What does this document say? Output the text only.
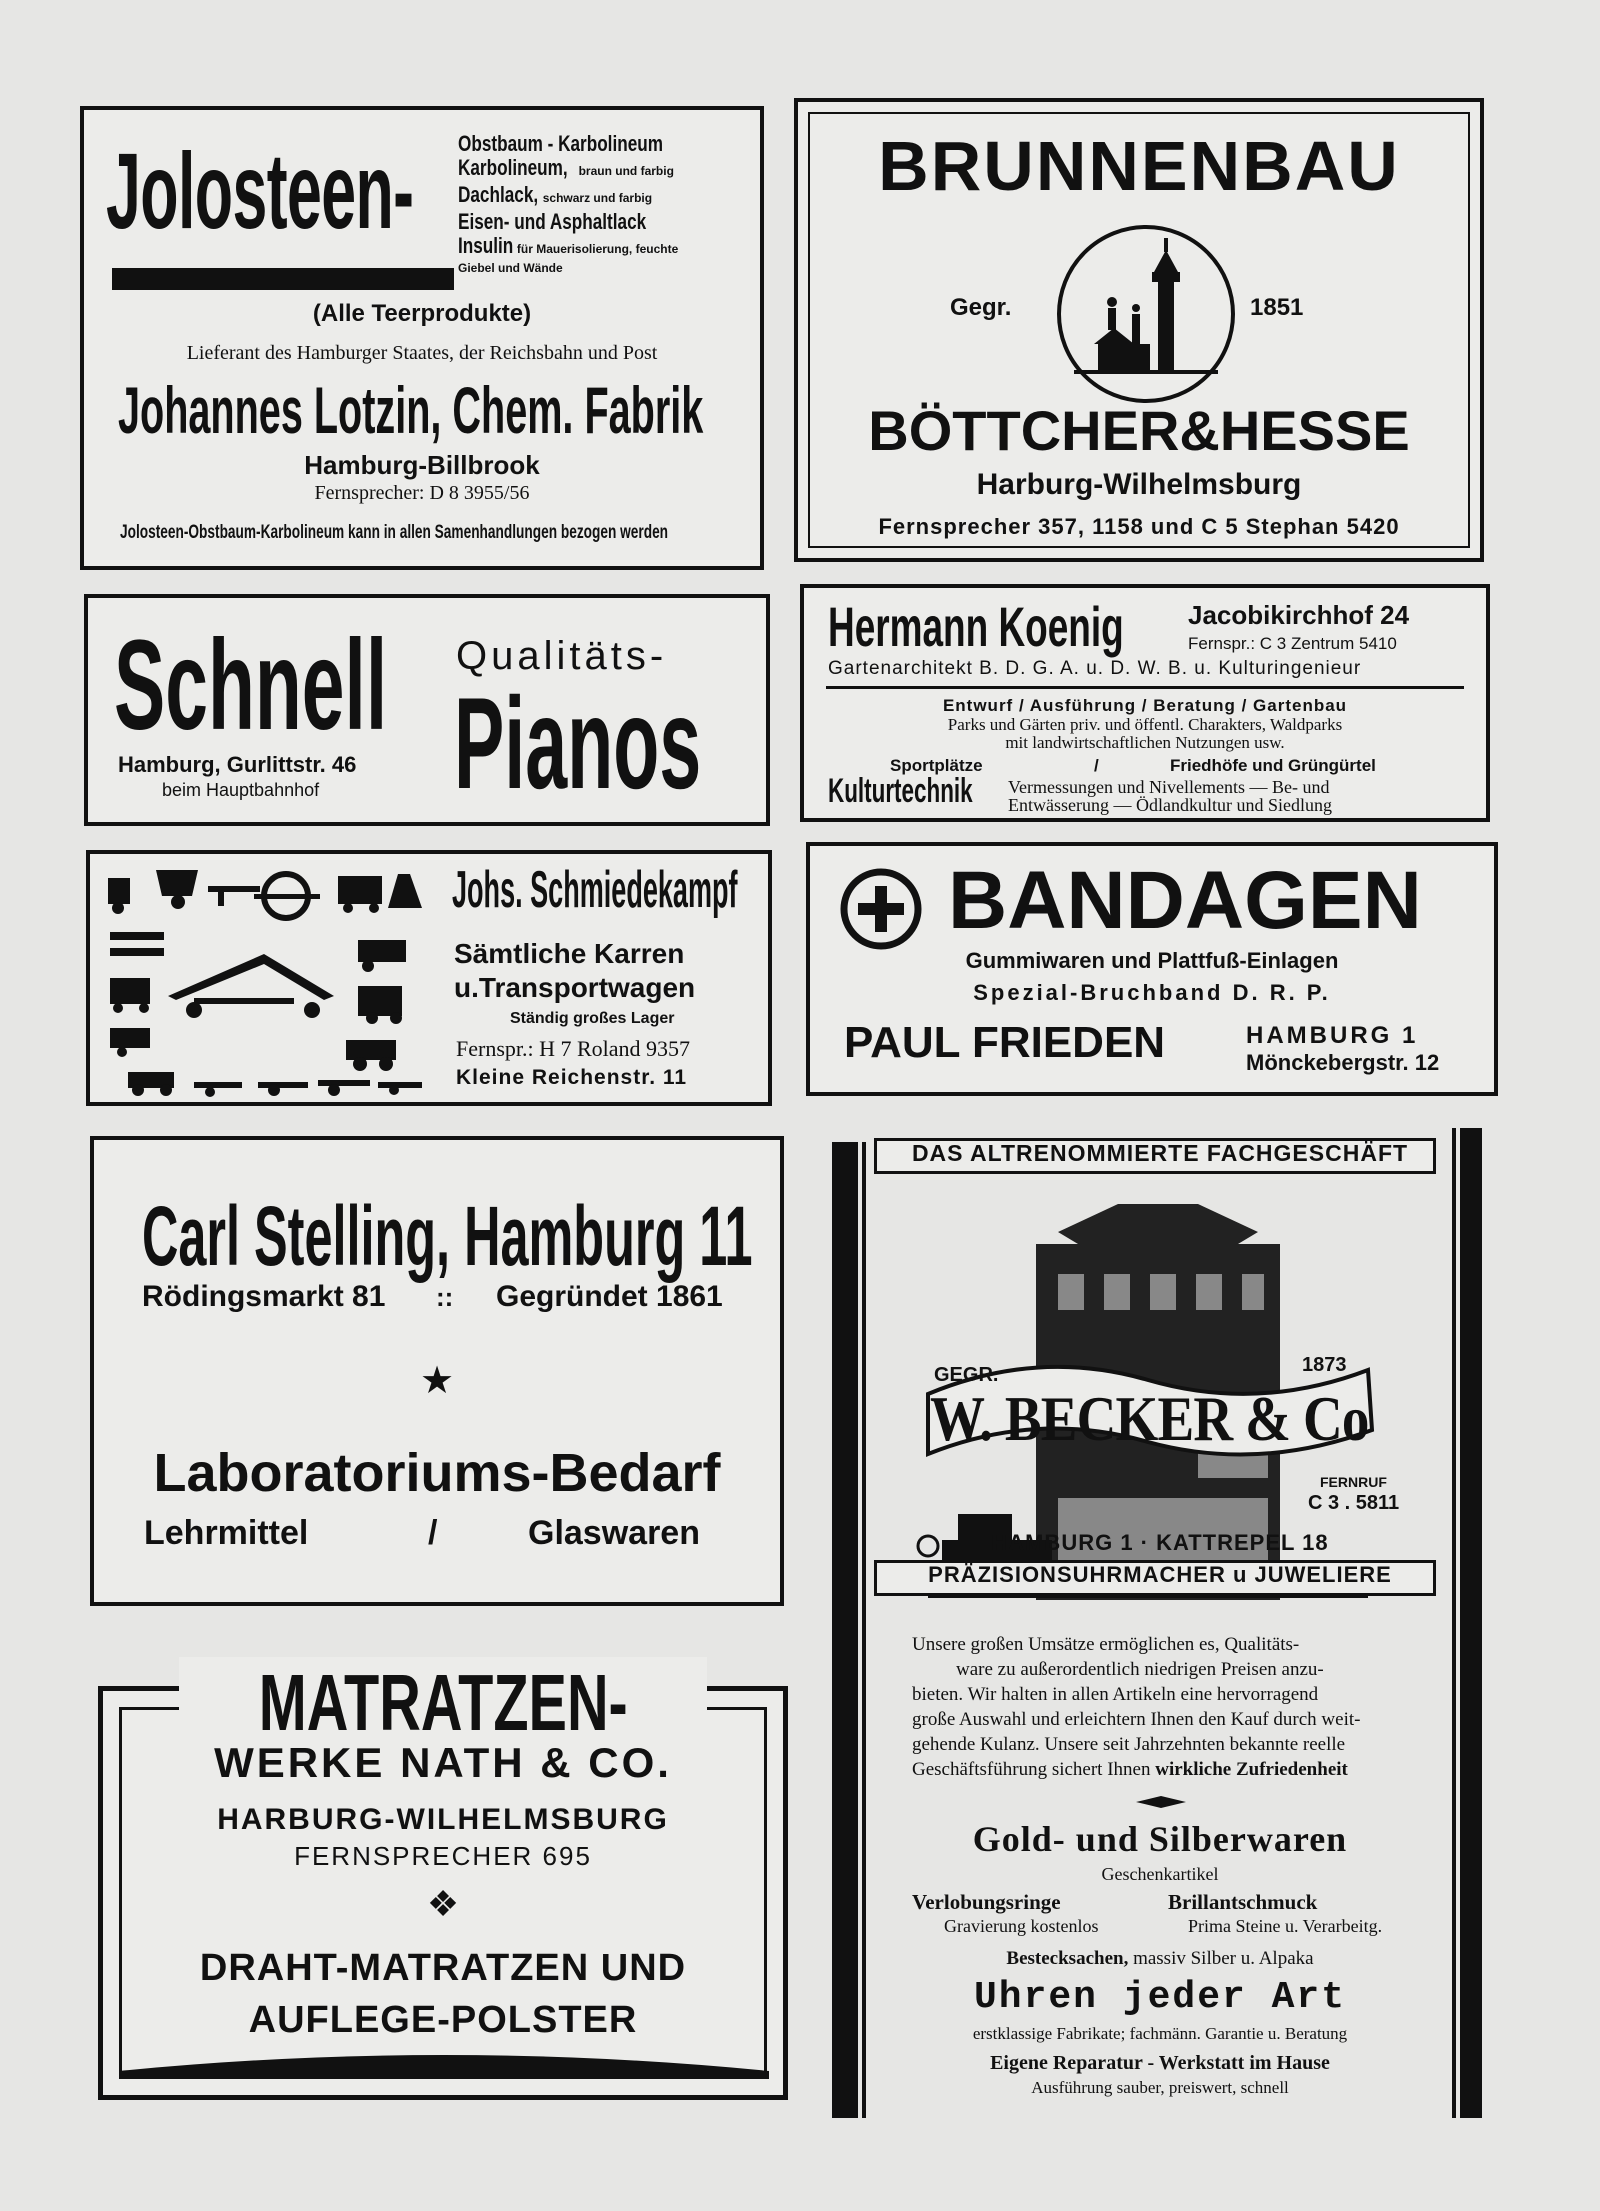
Jolosteen-	Obstbaum - Karbolineum
Karbolineum, braun und farbig
Dachlack, schwarz und farbig
Eisen- und Asphaltlack
Insulin für Mauerisolierung, feuchte
Giebel und Wände
(Alle Teerprodukte)
Lieferant des Hamburger Staates, der Reichsbahn und Post
Johannes Lotzin, Chem. Fabrik
Hamburg-Billbrook
Fernsprecher: D 8 3955/56
Jolosteen-Obstbaum-Karbolineum kann in allen Samenhandlungen bezogen werden
BRUNNENBAU
Gegr.	1851
BÖTTCHER&HESSE
Harburg-Wilhelmsburg
Fernsprecher 357, 1158 und C 5 Stephan 5420
Schnell
Hamburg, Gurlittstr. 46
beim Hauptbahnhof
Qualitäts-
Pianos
Hermann Koenig	Jacobikirchhof 24
Fernspr.: C 3 Zentrum 5410
Gartenarchitekt B. D. G. A. u. D. W. B. u. Kulturingenieur
Entwurf / Ausführung / Beratung / Gartenbau
Parks und Gärten priv. und öffentl. Charakters, Waldparks
mit landwirtschaftlichen Nutzungen usw.
Sportplätze	/	Friedhöfe und Grüngürtel
Kulturtechnik	Vermessungen und Nivellements — Be- und
Entwässerung — Ödlandkultur und Siedlung
Johs. Schmiedekampf
Sämtliche Karren
u.Transportwagen
Ständig großes Lager
Fernspr.: H 7 Roland 9357
Kleine Reichenstr. 11
BANDAGEN
Gummiwaren und Plattfuß-Einlagen
Spezial-Bruchband D. R. P.
PAUL FRIEDEN	HAMBURG 1
Mönckebergstr. 12
Carl Stelling, Hamburg 11
Rödingsmarkt 81 :: Gegründet 1861
★
Laboratoriums-Bedarf
Lehrmittel	/	Glaswaren
MATRATZEN-
WERKE NATH & CO.
HARBURG-WILHELMSBURG
FERNSPRECHER 695
❖
DRAHT-MATRATZEN UND
AUFLEGE-POLSTER
DAS ALTRENOMMIERTE FACHGESCHÄFT
GEGR.	1873
W. BECKER & Co
FERNRUF
C 3 . 5811
HAMBURG 1 · KATTREPEL 18
PRÄZISIONSUHRMACHER u JUWELIERE
Unsere großen Umsätze ermöglichen es, Qualitäts-
ware zu außerordentlich niedrigen Preisen anzu-
bieten. Wir halten in allen Artikeln eine hervorragend
große Auswahl und erleichtern Ihnen den Kauf durch weit-
gehende Kulanz. Unsere seit Jahrzehnten bekannte reelle
Geschäftsführung sichert Ihnen wirkliche Zufriedenheit
Gold- und Silberwaren
Geschenkartikel
Verlobungsringe	Brillantschmuck
Gravierung kostenlos	Prima Steine u. Verarbeitg.
Bestecksachen, massiv Silber u. Alpaka
Uhren jeder Art
erstklassige Fabrikate; fachmänn. Garantie u. Beratung
Eigene Reparatur - Werkstatt im Hause
Ausführung sauber, preiswert, schnell
